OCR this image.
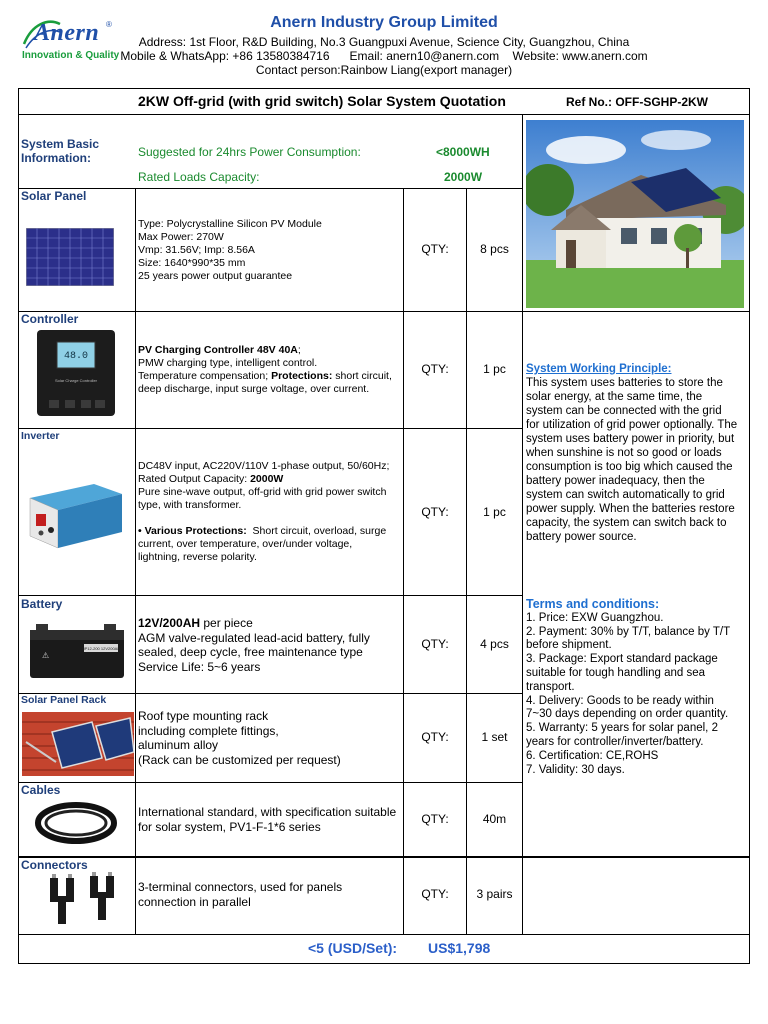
Anern ®
Innovation & Quality
Anern Industry Group Limited
Address: 1st Floor, R&D Building, No.3 Guangpuxi Avenue, Science City, Guangzhou, China
Mobile & WhatsApp: +86 13580384716      Email: anern10@anern.com    Website: www.anern.com
Contact person:Rainbow Liang(export manager)
2KW Off-grid (with grid switch) Solar System Quotation	Ref No.: OFF-SGHP-2KW
System Basic Information:	Suggested for 24hrs Power Consumption:	<8000WH
Rated Loads Capacity:	2000W
Solar Panel
Type: Polycrystalline Silicon PV Module
Max Power: 270W
Vmp: 31.56V; Imp: 8.56A
Size: 1640*990*35 mm
25 years power output guarantee
QTY:	8 pcs
Controller
48.0
Solar Charge Controller
PV Charging Controller 48V 40A;
PMW charging type, intelligent control.
Temperature compensation; Protections: short circuit,
deep discharge, input surge voltage, over current.
QTY:	1 pc
Inverter
DC48V input, AC220V/110V 1-phase output, 50/60Hz;
Rated Output Capacity: 2000W
Pure sine-wave output, off-grid with grid power switch
type, with transformer.
• Various Protections:  Short circuit, overload, surge
current, over temperature, over/under voltage,
lightning, reverse polarity.
QTY:	1 pc
Battery
NP12-200 12V200AH
⚠
12V/200AH per piece
AGM valve-regulated lead-acid battery, fully
sealed, deep cycle, free maintenance type
Service Life: 5~6 years
QTY:	4 pcs
Solar Panel Rack
Roof type mounting rack
including complete fittings,
aluminum alloy
(Rack can be customized per request)
QTY:	1 set
Cables
International standard, with specification suitable
for solar system, PV1-F-1*6 series
QTY:	40m
Connectors
3-terminal connectors, used for panels
connection in parallel
QTY:	3 pairs
System Working Principle:
This system uses batteries to store the
solar energy, at the same time, the
system can be connected with the grid
for utilization of grid power optionally. The
system uses battery power in priority, but
when sunshine is not so good or loads
consumption is too big which caused the
battery power inadequacy, then the
system can switch automatically to grid
power supply. When the batteries restore
capacity, the system can switch back to
battery power source.
Terms and conditions:
1. Price: EXW Guangzhou.
2. Payment: 30% by T/T, balance by T/T
before shipment.
3. Package: Export standard package
suitable for tough handling and sea
transport.
4. Delivery: Goods to be ready within
7~30 days depending on order quantity.
5. Warranty: 5 years for solar panel, 2
years for controller/inverter/battery.
6. Certification: CE,ROHS
7. Validity: 30 days.
<5 (USD/Set): US$1,798
